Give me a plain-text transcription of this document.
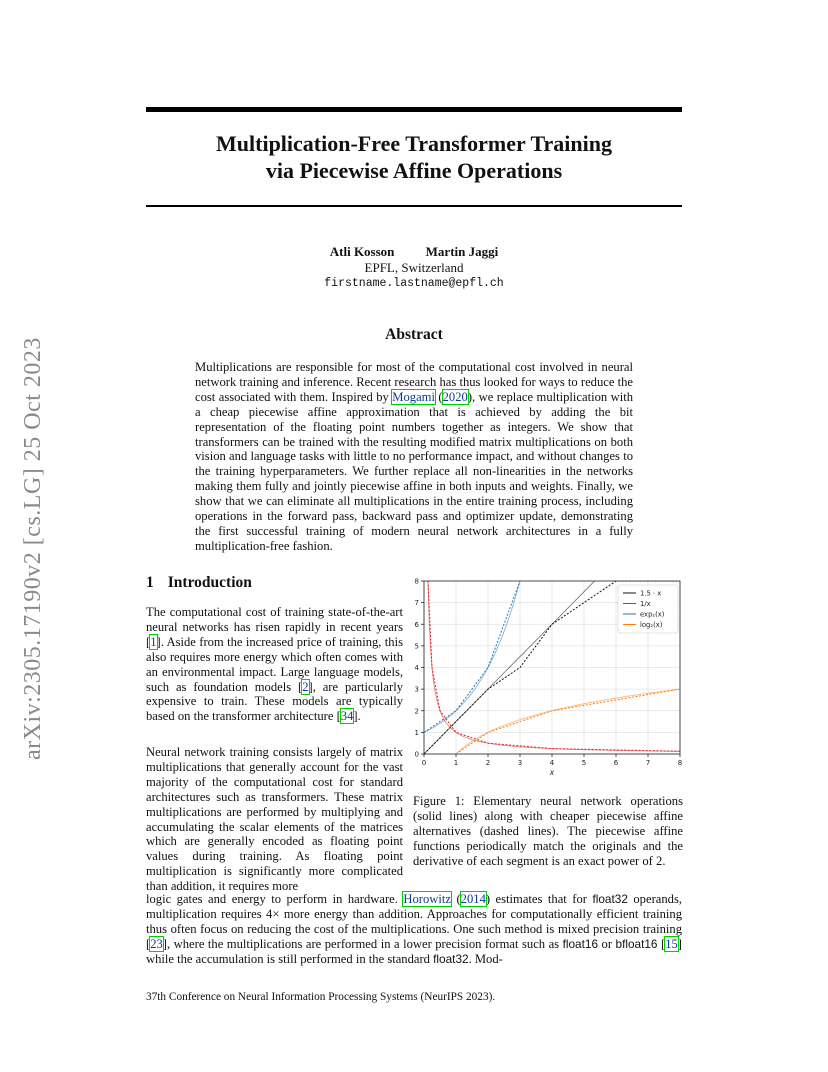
Multiplication-Free Transformer Training
via Piecewise Affine Operations
Atli Kosson Martin Jaggi
EPFL, Switzerland
firstname.lastname@epfl.ch
Abstract
Multiplications are responsible for most of the computational cost involved in neural network training and inference. Recent research has thus looked for ways to reduce the cost associated with them. Inspired by Mogami (2020), we replace multiplication with a cheap piecewise affine approximation that is achieved by adding the bit representation of the floating point numbers together as integers. We show that transformers can be trained with the resulting modified matrix multiplications on both vision and language tasks with little to no performance impact, and without changes to the training hyperparameters. We further replace all non-linearities in the networks making them fully and jointly piecewise affine in both inputs and weights. Finally, we show that we can eliminate all multiplications in the entire training process, including operations in the forward pass, backward pass and optimizer update, demonstrating the first successful training of modern neural network architectures in a fully multiplication-free fashion.
arXiv:2305.17190v2 [cs.LG] 25 Oct 2023	1 Introduction
The computational cost of training state-of-the-art neural networks has risen rapidly in recent years [1]. Aside from the increased price of training, this also requires more energy which often comes with an environmental impact. Large language models, such as foundation models [2], are particularly expensive to train. These models are typically based on the transformer architecture [34].
Neural network training consists largely of matrix multiplications that generally account for the vast majority of the computational cost for standard architectures such as transformers. These matrix multiplications are performed by multiplying and accumulating the scalar elements of the matrices which are generally encoded as floating point values during training. As floating point multiplication is significantly more complicated than addition, it requires more
0	1	2	3	4	5	6	7	8
0
1
2
3
4
5
6
7
8
x
1.5 · x
1/x
exp₂(x)
log₂(x)
Figure 1: Elementary neural network operations (solid lines) along with cheaper piecewise affine alternatives (dashed lines). The piecewise affine functions periodically match the originals and the derivative of each segment is an exact power of 2.
logic gates and energy to perform in hardware. Horowitz (2014) estimates that for float32 operands, multiplication requires 4× more energy than addition. Approaches for computationally efficient training thus often focus on reducing the cost of the multiplications. One such method is mixed precision training [23], where the multiplications are performed in a lower precision format such as float16 or bfloat16 [15] while the accumulation is still performed in the standard float32. Mod-
37th Conference on Neural Information Processing Systems (NeurIPS 2023).
